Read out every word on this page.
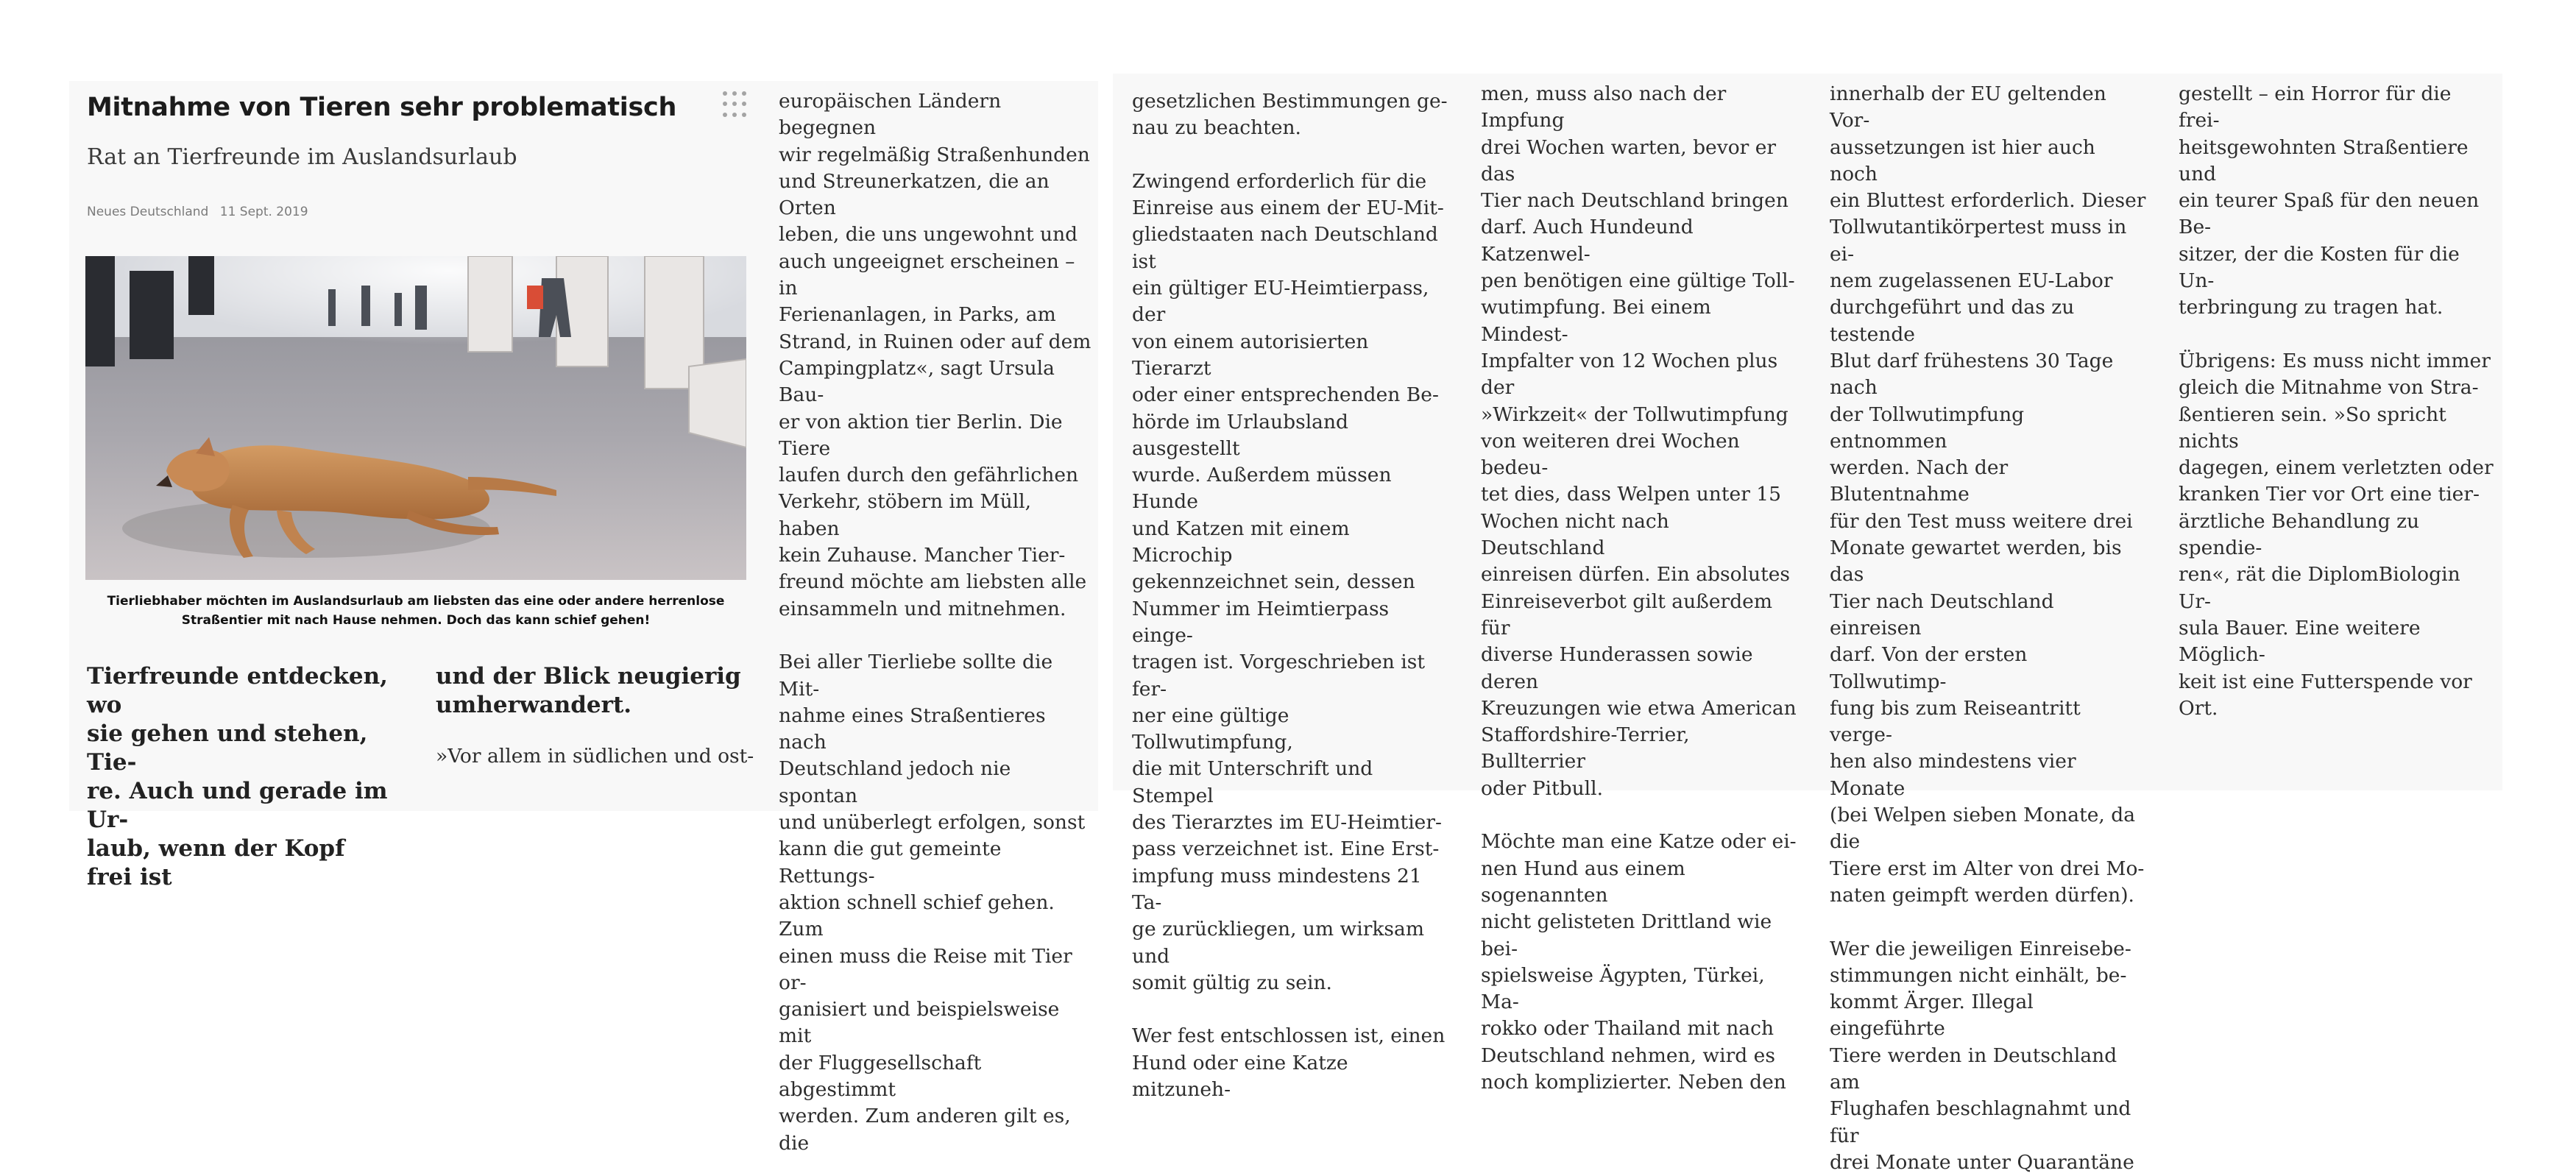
Mitnahme von Tieren sehr problematisch
Rat an Tierfreunde im Auslandsurlaub
Neues Deutschland 11 Sept. 2019
Tierliebhaber möchten im Auslandsurlaub am liebsten das eine oder andere herrenlose Straßentier mit nach Hause nehmen. Doch das kann schief gehen!
Tierfreunde entdecken, wo
sie gehen und stehen, Tie-
re. Auch und gerade im Ur-
laub, wenn der Kopf frei ist
und der Blick neugierig
umherwandert.

»Vor allem in südlichen und ost-

europäischen Ländern begegnen
wir regelmäßig Straßenhunden
und Streunerkatzen, die an Orten
leben, die uns ungewohnt und
auch ungeeignet erscheinen – in
Ferienanlagen, in Parks, am
Strand, in Ruinen oder auf dem
Campingplatz«, sagt Ursula Bau-
er von aktion tier Berlin. Die Tiere
laufen durch den gefährlichen
Verkehr, stöbern im Müll, haben
kein Zuhause. Mancher Tier-
freund möchte am liebsten alle
einsammeln und mitnehmen.

Bei aller Tierliebe sollte die Mit-
nahme eines Straßentieres nach
Deutschland jedoch nie spontan
und unüberlegt erfolgen, sonst
kann die gut gemeinte Rettungs-
aktion schnell schief gehen. Zum
einen muss die Reise mit Tier or-
ganisiert und beispielsweise mit
der Fluggesellschaft abgestimmt
werden. Zum anderen gilt es, die

gesetzlichen Bestimmungen ge-
nau zu beachten.

Zwingend erforderlich für die
Einreise aus einem der EU-Mit-
gliedstaaten nach Deutschland ist
ein gültiger EU-Heimtierpass, der
von einem autorisierten Tierarzt
oder einer entsprechenden Be-
hörde im Urlaubsland ausgestellt
wurde. Außerdem müssen Hunde
und Katzen mit einem Microchip
gekennzeichnet sein, dessen
Nummer im Heimtierpass einge-
tragen ist. Vorgeschrieben ist fer-
ner eine gültige Tollwutimpfung,
die mit Unterschrift und Stempel
des Tierarztes im EU-Heimtier-
pass verzeichnet ist. Eine Erst-
impfung muss mindestens 21 Ta-
ge zurückliegen, um wirksam und
somit gültig zu sein.

Wer fest entschlossen ist, einen
Hund oder eine Katze mitzuneh-

men, muss also nach der Impfung
drei Wochen warten, bevor er das
Tier nach Deutschland bringen
darf. Auch Hundeund Katzenwel-
pen benötigen eine gültige Toll-
wutimpfung. Bei einem Mindest-
Impfalter von 12 Wochen plus der
»Wirkzeit« der Tollwutimpfung
von weiteren drei Wochen bedeu-
tet dies, dass Welpen unter 15
Wochen nicht nach Deutschland
einreisen dürfen. Ein absolutes
Einreiseverbot gilt außerdem für
diverse Hunderassen sowie deren
Kreuzungen wie etwa American
Staffordshire-Terrier, Bullterrier
oder Pitbull.

Möchte man eine Katze oder ei-
nen Hund aus einem sogenannten
nicht gelisteten Drittland wie bei-
spielsweise Ägypten, Türkei, Ma-
rokko oder Thailand mit nach
Deutschland nehmen, wird es
noch komplizierter. Neben den

innerhalb der EU geltenden Vor-
aussetzungen ist hier auch noch
ein Bluttest erforderlich. Dieser
Tollwutantikörpertest muss in ei-
nem zugelassenen EU-Labor
durchgeführt und das zu testende
Blut darf frühestens 30 Tage nach
der Tollwutimpfung entnommen
werden. Nach der Blutentnahme
für den Test muss weitere drei
Monate gewartet werden, bis das
Tier nach Deutschland einreisen
darf. Von der ersten Tollwutimp-
fung bis zum Reiseantritt verge-
hen also mindestens vier Monate
(bei Welpen sieben Monate, da die
Tiere erst im Alter von drei Mo-
naten geimpft werden dürfen).

Wer die jeweiligen Einreisebe-
stimmungen nicht einhält, be-
kommt Ärger. Illegal eingeführte
Tiere werden in Deutschland am
Flughafen beschlagnahmt und für
drei Monate unter Quarantäne

gestellt – ein Horror für die frei-
heitsgewohnten Straßentiere und
ein teurer Spaß für den neuen Be-
sitzer, der die Kosten für die Un-
terbringung zu tragen hat.

Übrigens: Es muss nicht immer
gleich die Mitnahme von Stra-
ßentieren sein. »So spricht nichts
dagegen, einem verletzten oder
kranken Tier vor Ort eine tier-
ärztliche Behandlung zu spendie-
ren«, rät die DiplomBiologin Ur-
sula Bauer. Eine weitere Möglich-
keit ist eine Futterspende vor Ort.
